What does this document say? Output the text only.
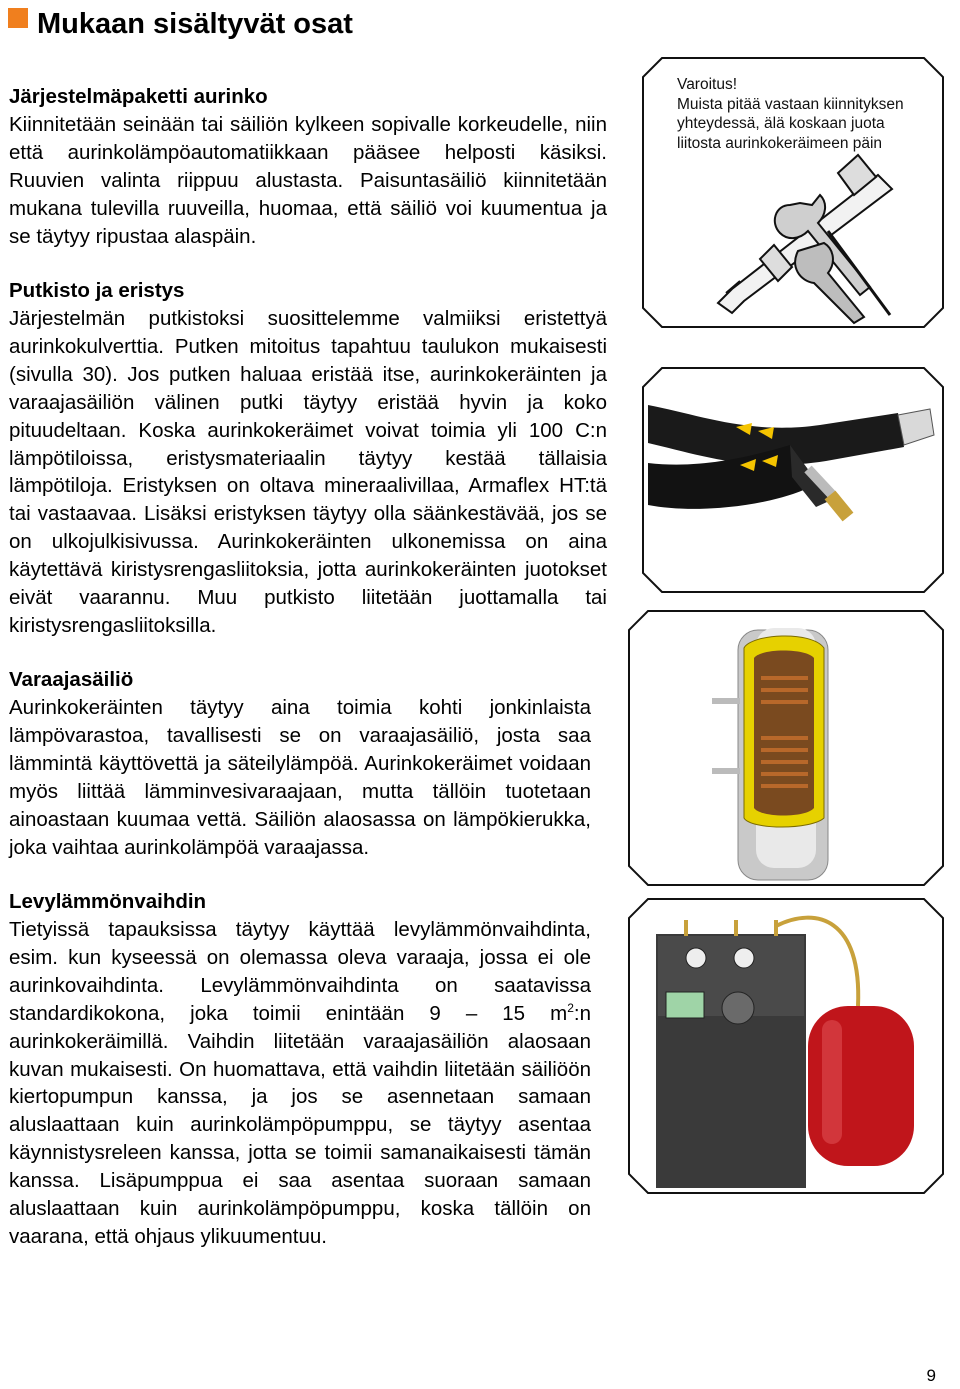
Mukaan sisältyvät osat

Järjestelmäpaketti aurinko

Kiinnitetään seinään tai säiliön kylkeen sopivalle korkeudelle, niin että aurinkolämpöautomatiikkaan pääsee helposti käsiksi. Ruuvien valinta riippuu alustasta. Paisuntasäiliö kiinnitetään mukana tulevilla ruuveilla, huomaa, että säiliö voi kuumentua ja se täytyy ripustaa alaspäin.

Putkisto ja eristys

Järjestelmän putkistoksi suosittelemme valmiiksi eristettyä aurinkokulverttia. Putken mitoitus tapahtuu taulukon mukaisesti (sivulla 30). Jos putken haluaa eristää itse, aurinkokeräinten ja varaajasäiliön välinen putki täytyy eristää hyvin ja koko pituudeltaan. Koska aurinkokeräimet voivat toimia yli 100 C:n lämpötiloissa, eristysmateriaalin täytyy kestää tällaisia lämpötiloja. Eristyksen on oltava mineraalivillaa, Armaflex HT:tä tai vastaavaa. Lisäksi eristyksen täytyy olla säänkestävää, jos se on ulkojulkisivussa. Aurinkokeräinten ulkonemissa on aina käytettävä kiristysrengasliitoksia, jotta aurinkokeräinten juotokset eivät vaarannu. Muu putkisto liitetään juottamalla tai kiristysrengasliitoksilla.

Varaajasäiliö

Aurinkokeräinten täytyy aina toimia kohti jonkinlaista lämpövarastoa, tavallisesti se on varaajasäiliö, josta saa lämmintä käyttövettä ja säteilylämpöä. Aurinkokeräimet voidaan myös liittää lämminvesivaraajaan, mutta tällöin tuotetaan ainoastaan kuumaa vettä. Säiliön alaosassa on lämpökierukka, joka vaihtaa aurinkolämpöä varaajassa.

Levylämmönvaihdin

Tietyissä tapauksissa täytyy käyttää levylämmönvaihdinta, esim. kun kyseessä on olemassa oleva varaaja, jossa ei ole aurinkovaihdinta. Levylämmönvaihdinta on saatavissa standardikokona, joka toimii enintään 9 – 15 $m^2:n$ aurinkokeräimillä. Vaihdin liitetään varaajasäiliön alaosaan kuvan mukaisesti. On huomattava, että vaihdin liitetään säiliöön kiertopumpun kanssa, ja jos se asennetaan samaan aluslaattaan kuin aurinkolämpöpumppu, se täytyy asentaa käynnistysreleen kanssa, jotta se toimii samanaikaisesti tämän kanssa. Lisäpumppua ei saa asentaa suoraan samaan aluslaattaan kuin aurinkolämpöpumppu, koska tällöin on vaarana, että ohjaus ylikuumentuu.

Varoitus!
Muista pitää vastaan kiinnityksen
yhteydessä, älä koskaan juota
liitosta aurinkokeräimeen päin
9
